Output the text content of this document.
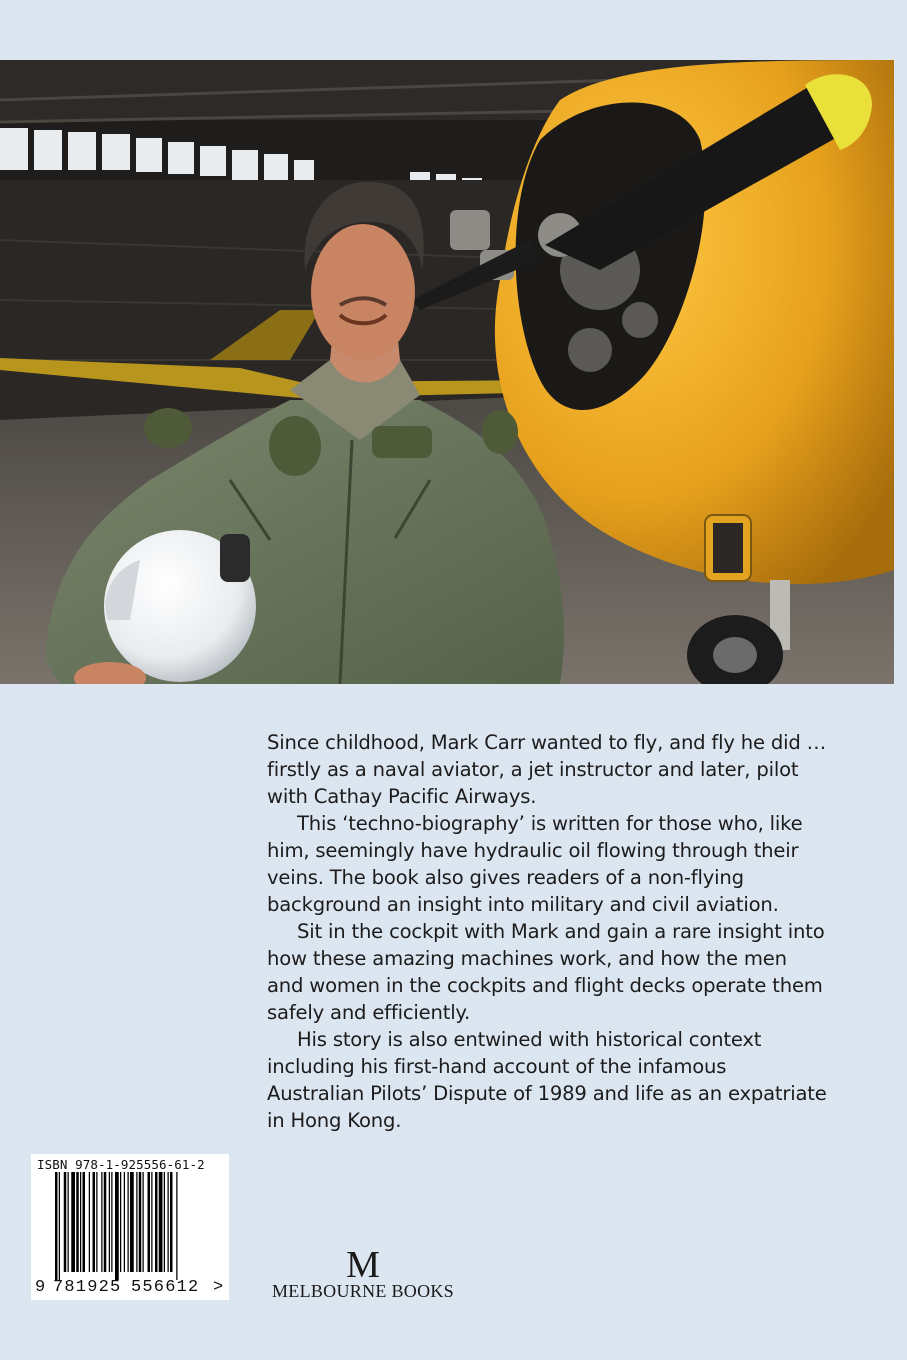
Since childhood, Mark Carr wanted to fly, and fly he did … firstly as a naval aviator, a jet instructor and later, pilot with Cathay Pacific Airways.

This ‘techno-biography’ is written for those who, like him, seemingly have hydraulic oil flowing through their veins. The book also gives readers of a non-flying background an insight into military and civil aviation.

Sit in the cockpit with Mark and gain a rare insight into how these amazing machines work, and how the men and women in the cockpits and flight decks operate them safely and efficiently.

His story is also entwined with historical context including his first-hand account of the infamous Australian Pilots’ Dispute of 1989 and life as an expatriate in Hong Kong.

ISBN 978-1-925556-61-2
9 781925 556612 >
M
MELBOURNE BOOKS
